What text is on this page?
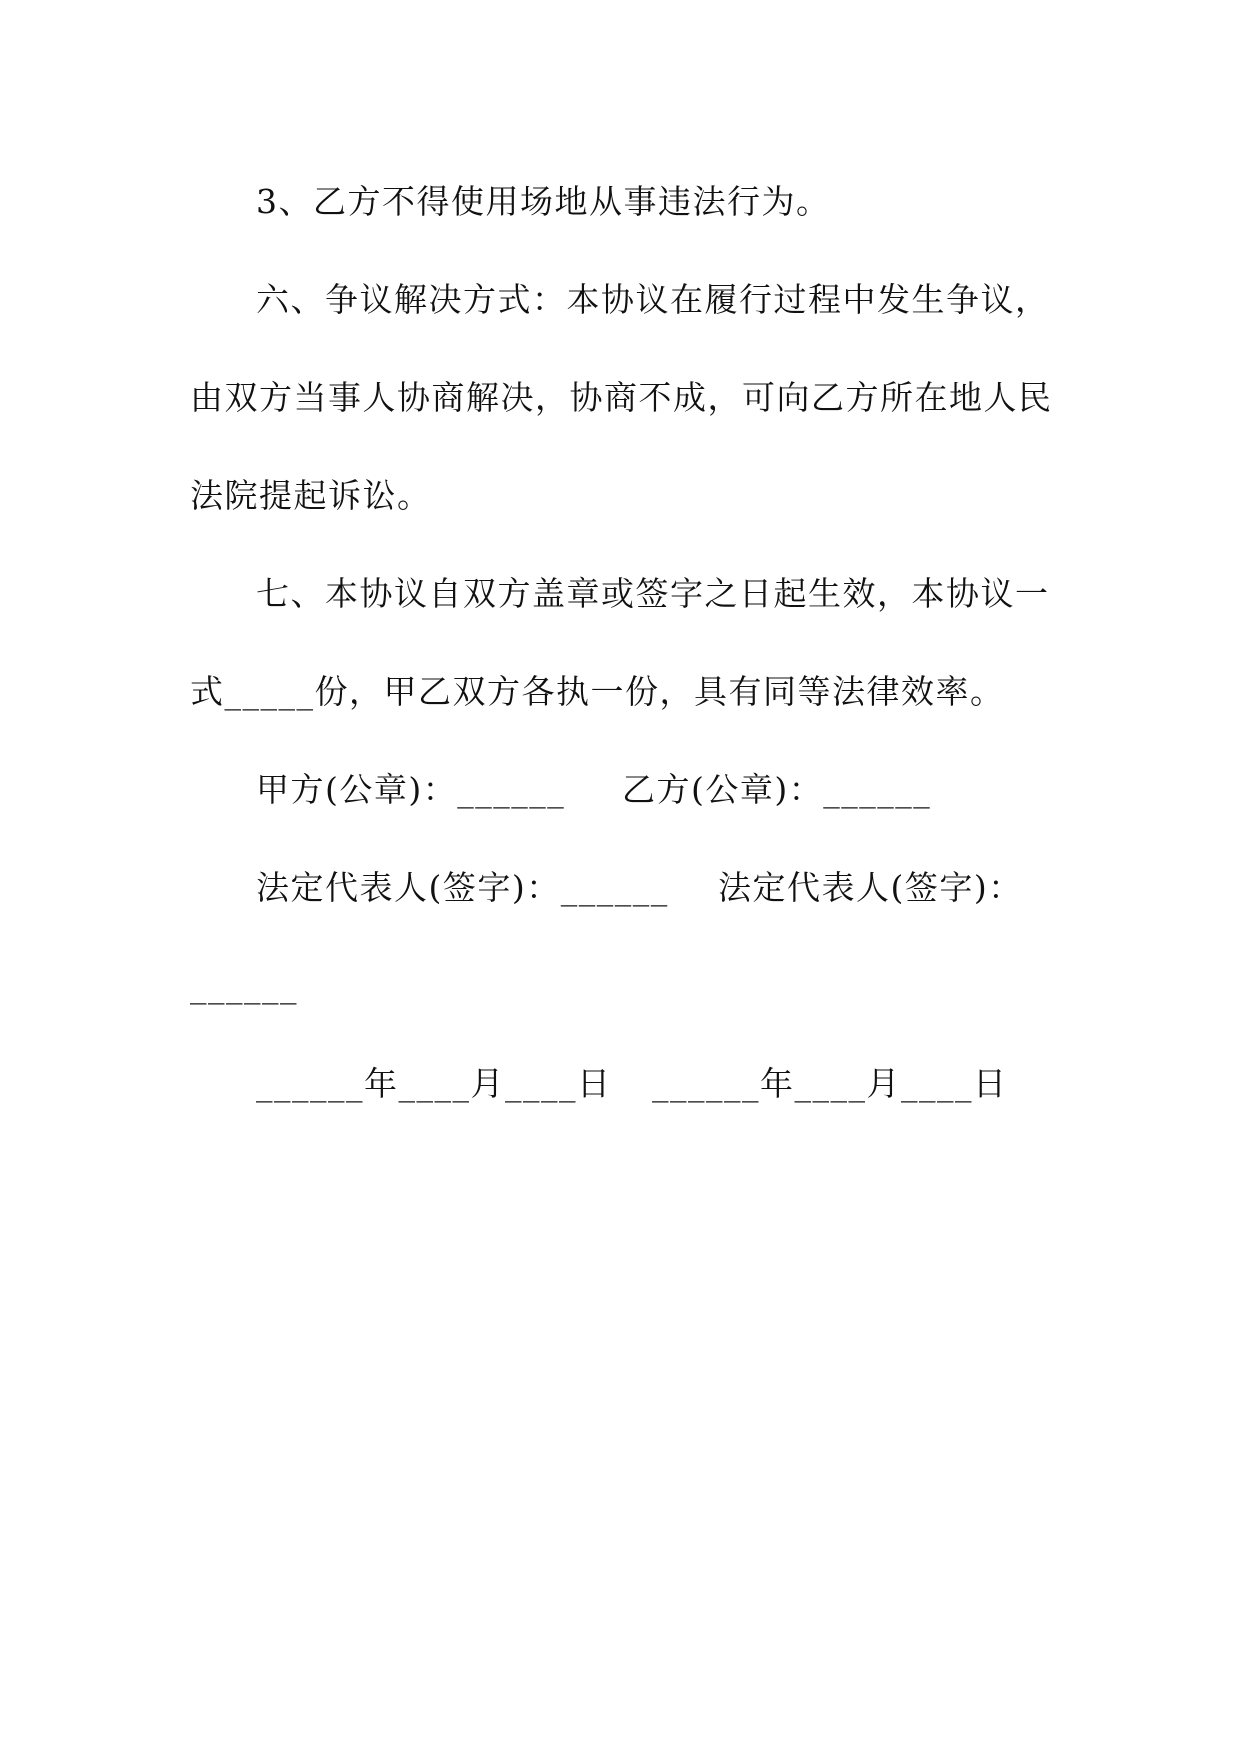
3、乙方不得使用场地从事违法行为。
六、争议解决方式：本协议在履行过程中发生争议，
由双方当事人协商解决，协商不成，可向乙方所在地人民
法院提起诉讼。
七、本协议自双方盖章或签字之日起生效，本协议一
式_____份，甲乙双方各执一份，具有同等法律效率。
甲方(公章)：______ 乙方(公章)：______
法定代表人(签字)：______ 法定代表人(签字)：
______
______年____月____日 ______年____月____日
